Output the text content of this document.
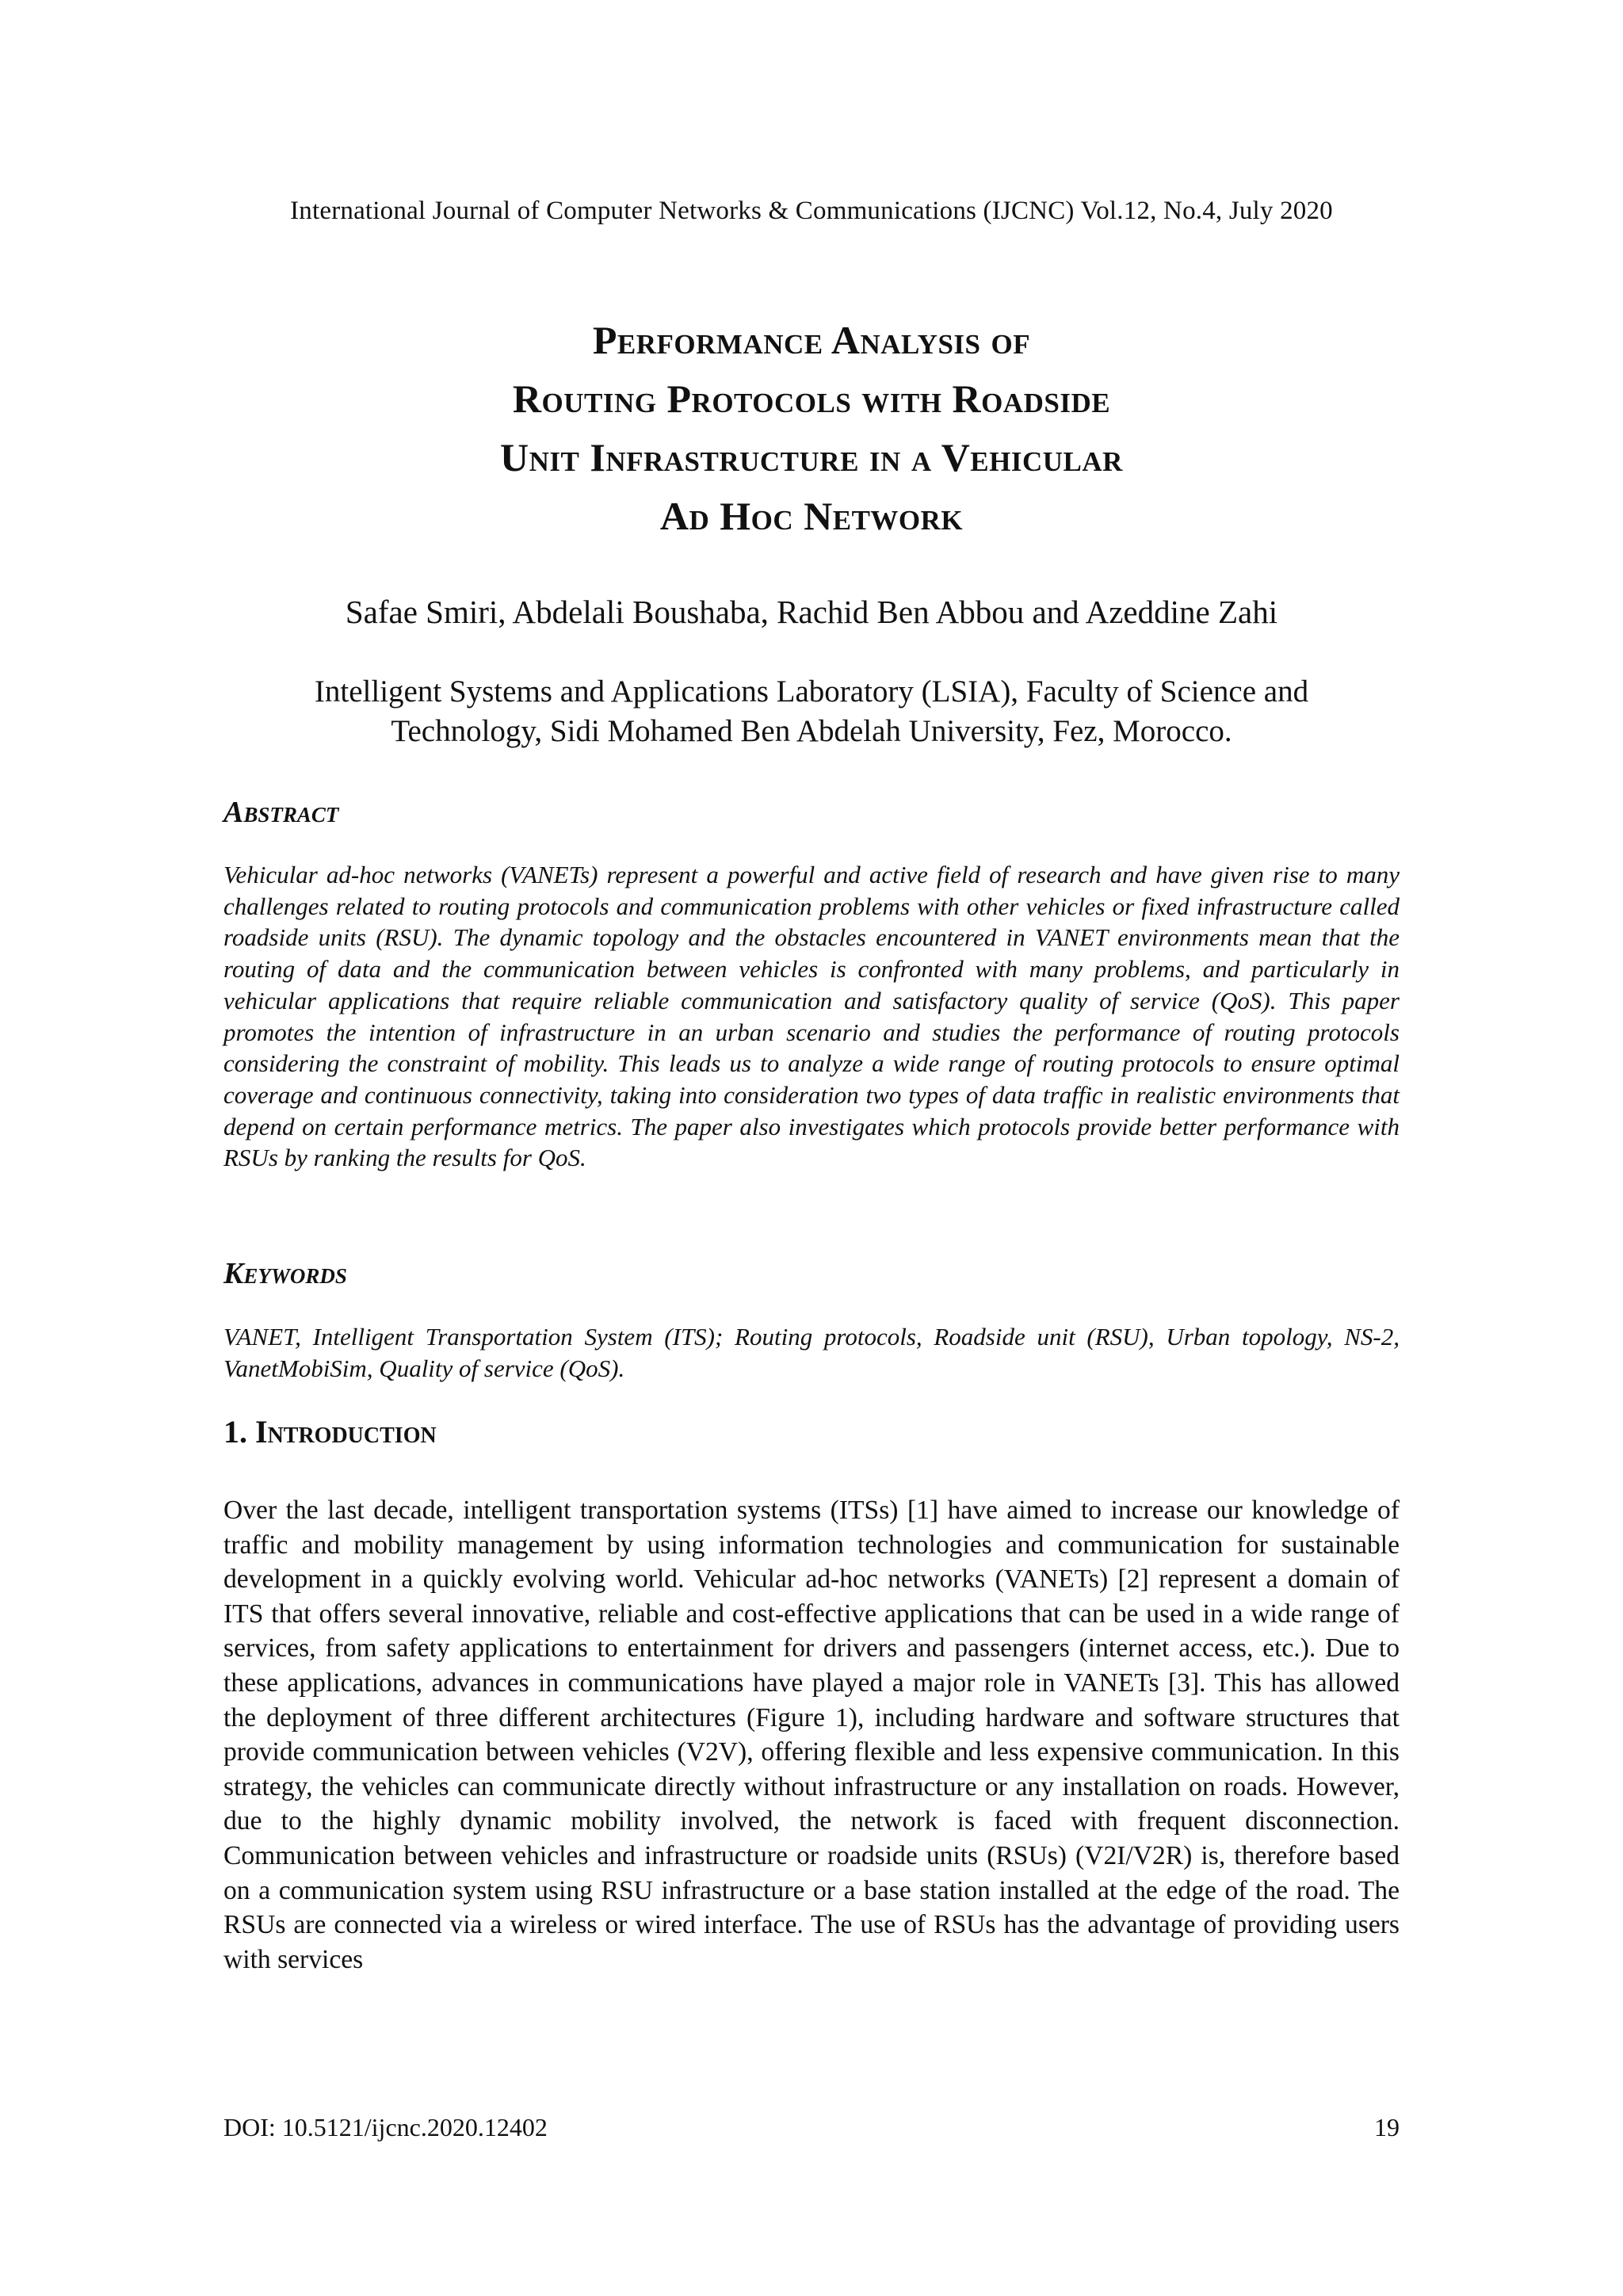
International Journal of Computer Networks & Communications (IJCNC) Vol.12, No.4, July 2020
Performance Analysis of
Routing Protocols with Roadside
Unit Infrastructure in a Vehicular
Ad Hoc Network
Safae Smiri, Abdelali Boushaba, Rachid Ben Abbou and Azeddine Zahi
Intelligent Systems and Applications Laboratory (LSIA), Faculty of Science and
Technology, Sidi Mohamed Ben Abdelah University, Fez, Morocco.
Abstract
Vehicular ad-hoc networks (VANETs) represent a powerful and active field of research and have given rise to many challenges related to routing protocols and communication problems with other vehicles or fixed infrastructure called roadside units (RSU). The dynamic topology and the obstacles encountered in VANET environments mean that the routing of data and the communication between vehicles is confronted with many problems, and particularly in vehicular applications that require reliable communication and satisfactory quality of service (QoS). This paper promotes the intention of infrastructure in an urban scenario and studies the performance of routing protocols considering the constraint of mobility. This leads us to analyze a wide range of routing protocols to ensure optimal coverage and continuous connectivity, taking into consideration two types of data traffic in realistic environments that depend on certain performance metrics. The paper also investigates which protocols provide better performance with RSUs by ranking the results for QoS.
Keywords
VANET, Intelligent Transportation System (ITS); Routing protocols, Roadside unit (RSU), Urban topology, NS-2, VanetMobiSim, Quality of service (QoS).
1. Introduction
Over the last decade, intelligent transportation systems (ITSs) [1] have aimed to increase our knowledge of traffic and mobility management by using information technologies and communication for sustainable development in a quickly evolving world. Vehicular ad-hoc networks (VANETs) [2] represent a domain of ITS that offers several innovative, reliable and cost-effective applications that can be used in a wide range of services, from safety applications to entertainment for drivers and passengers (internet access, etc.). Due to these applications, advances in communications have played a major role in VANETs [3]. This has allowed the deployment of three different architectures (Figure 1), including hardware and software structures that provide communication between vehicles (V2V), offering flexible and less expensive communication. In this strategy, the vehicles can communicate directly without infrastructure or any installation on roads. However, due to the highly dynamic mobility involved, the network is faced with frequent disconnection. Communication between vehicles and infrastructure or roadside units (RSUs) (V2I/V2R) is, therefore based on a communication system using RSU infrastructure or a base station installed at the edge of the road. The RSUs are connected via a wireless or wired interface. The use of RSUs has the advantage of providing users with services
DOI: 10.5121/ijcnc.2020.12402	19
